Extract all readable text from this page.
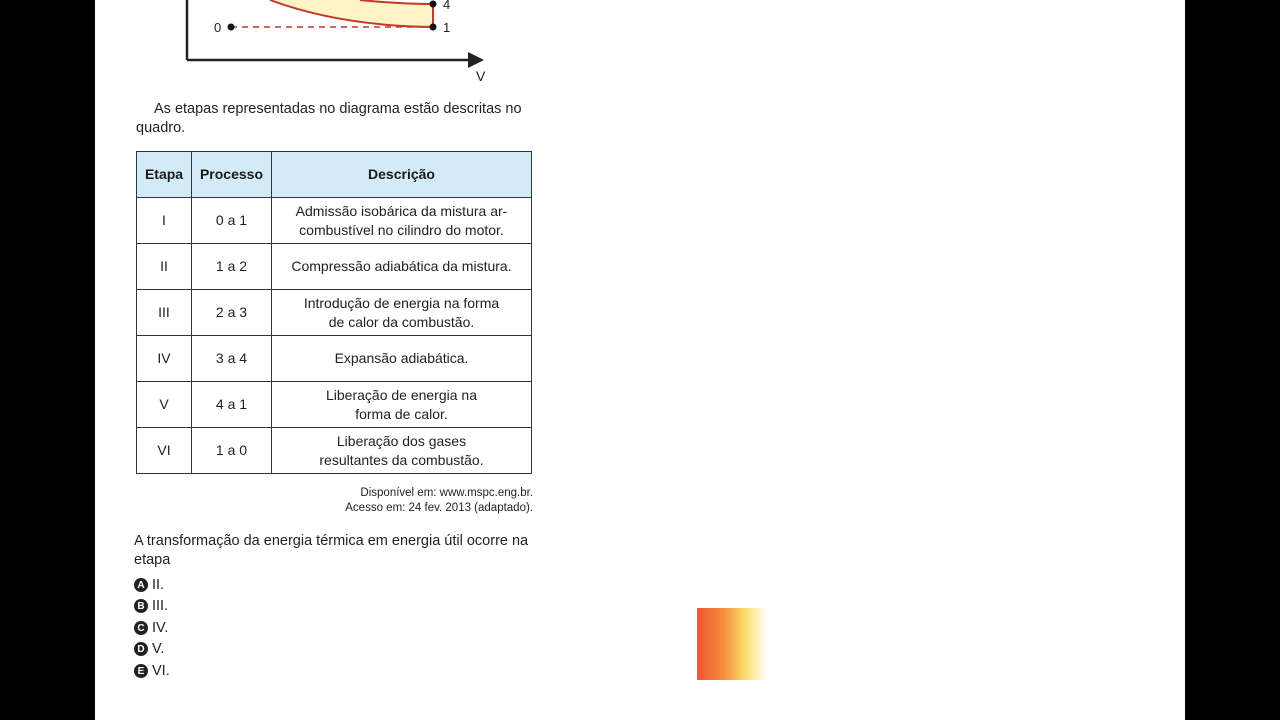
0	1
4
V
As etapas representadas no diagrama estão descritas no quadro.
Etapa	Processo	Descrição
I	0 a 1	Admissão isobárica da mistura ar-combustível no cilindro do motor.
II	1 a 2	Compressão adiabática da mistura.
III	2 a 3	Introdução de energia na forma de calor da combustão.
IV	3 a 4	Expansão adiabática.
V	4 a 1	Liberação de energia na forma de calor.
VI	1 a 0	Liberação dos gases resultantes da combustão.
Disponível em: www.mspc.eng.br.
Acesso em: 24 fev. 2013 (adaptado).
A transformação da energia térmica em energia útil ocorre na etapa
A II.
B III.
C IV.
D V.
E VI.
